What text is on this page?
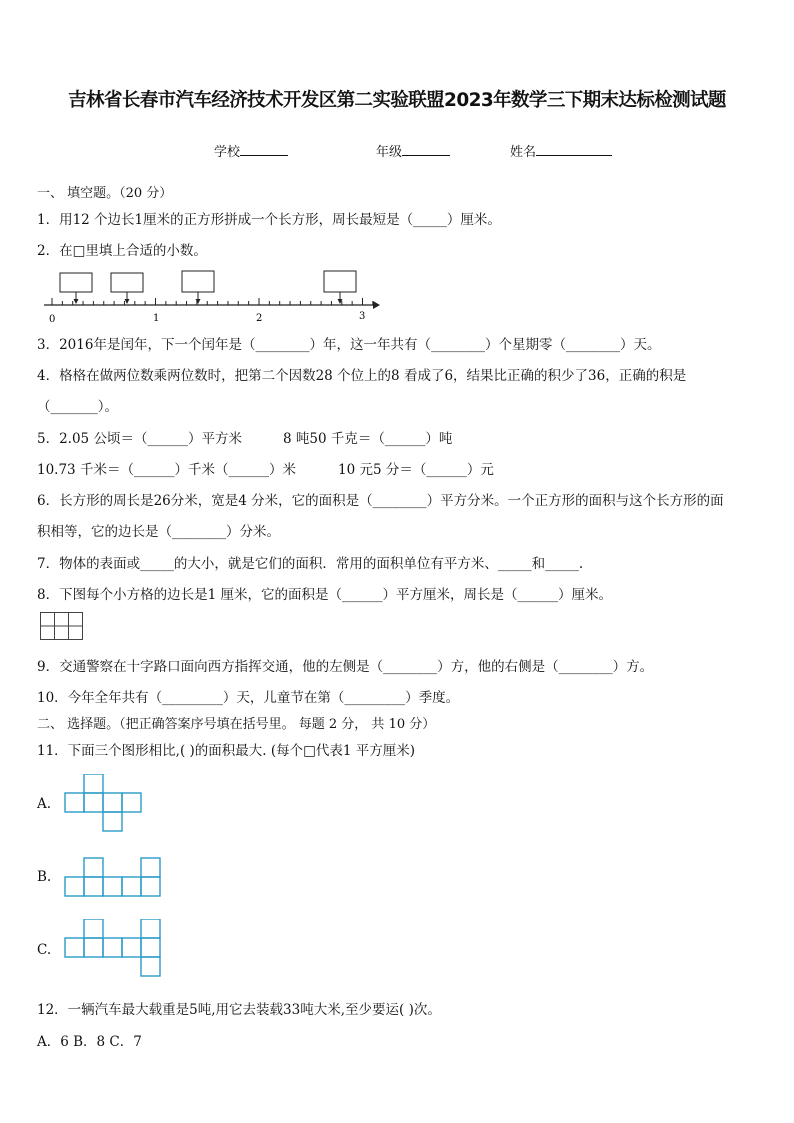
吉林省长春市汽车经济技术开发区第二实验联盟2023年数学三下期末达标检测试题
学校	年级	姓名
一、 填空题。（20 分）
1．用12 个边长1厘米的正方形拼成一个长方形，周长最短是（_____）厘米。
2．在□里填上合适的小数。
0	1	2	3
3．2016年是闰年，下一个闰年是（________）年，这一年共有（________）个星期零（________）天。
4．格格在做两位数乘两位数时，把第二个因数28 个位上的8 看成了6，结果比正确的积少了36，正确的积是
（_______）。
5．2.05 公顷＝（______）平方米	8 吨50 千克＝（______）吨
10.73 千米＝（______）千米（______）米	10 元5 分＝（______）元
6．长方形的周长是26分米，宽是4 分米，它的面积是（________）平方分米。一个正方形的面积与这个长方形的面
积相等，它的边长是（________）分米。
7．物体的表面或_____的大小，就是它们的面积．常用的面积单位有平方米、_____和_____.
8．下图每个小方格的边长是1 厘米，它的面积是（______）平方厘米，周长是（______）厘米。
9．交通警察在十字路口面向西方指挥交通，他的左侧是（________）方，他的右侧是（________）方。
10．今年全年共有（_________）天，儿童节在第（_________）季度。
二、 选择题。（把正确答案序号填在括号里。 每题 2 分， 共 10 分）
11．下面三个图形相比,( )的面积最大. (每个□代表1 平方厘米)
A.
B.
C.
12．一辆汽车最大载重是5吨,用它去装载33吨大米,至少要运( )次。
A．6 B．8 C．7
